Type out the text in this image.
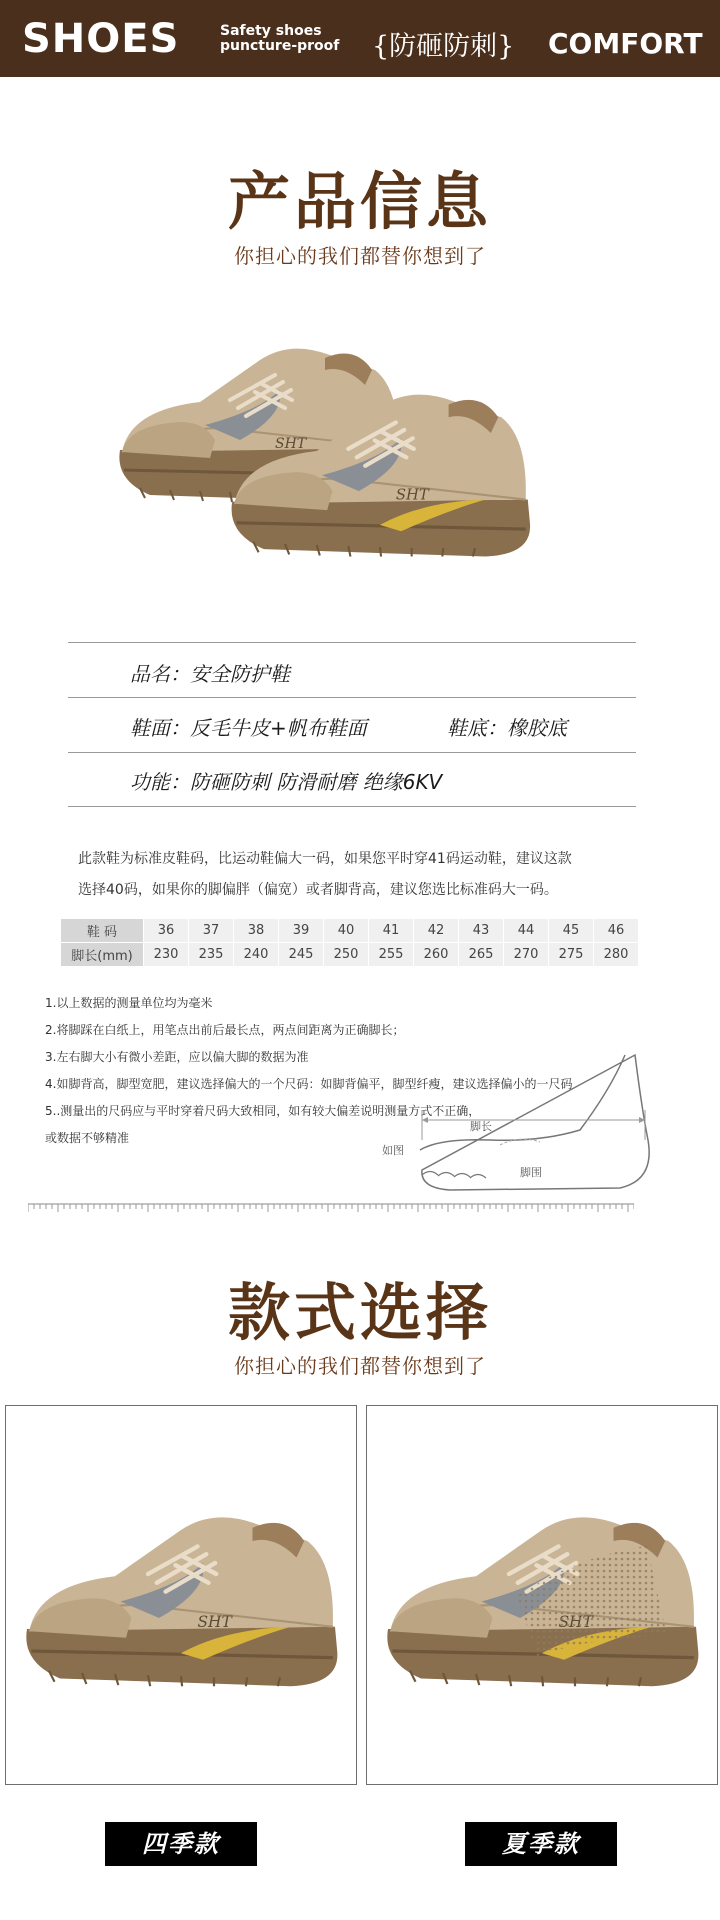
SHOES	Safety shoes
puncture-proof {防砸防刺} COMFORT
产品信息
你担心的我们都替你想到了
品名：安全防护鞋
鞋面：反毛牛皮+帆布鞋面	鞋底：橡胶底
功能：防砸防刺 防滑耐磨 绝缘6KV
此款鞋为标准皮鞋码，比运动鞋偏大一码，如果您平时穿41码运动鞋，建议这款
选择40码，如果你的脚偏胖（偏宽）或者脚背高，建议您选比标准码大一码。
鞋 码	36	37	38	39	40	41	42	43	44	45	46
脚长(mm)	230	235	240	245	250	255	260	265	270	275	280
1.以上数据的测量单位均为毫米
2.将脚踩在白纸上，用笔点出前后最长点，两点间距离为正确脚长；
3.左右脚大小有微小差距，应以偏大脚的数据为准
4.如脚背高，脚型宽肥，建议选择偏大的一个尺码：如脚背偏平，脚型纤瘦，建议选择偏小的一尺码
5..测量出的尺码应与平时穿着尺码大致相同，如有较大偏差说明测量方式不正确，
或数据不够精准
脚长
脚围
如图
款式选择
你担心的我们都替你想到了
四季款	夏季款
